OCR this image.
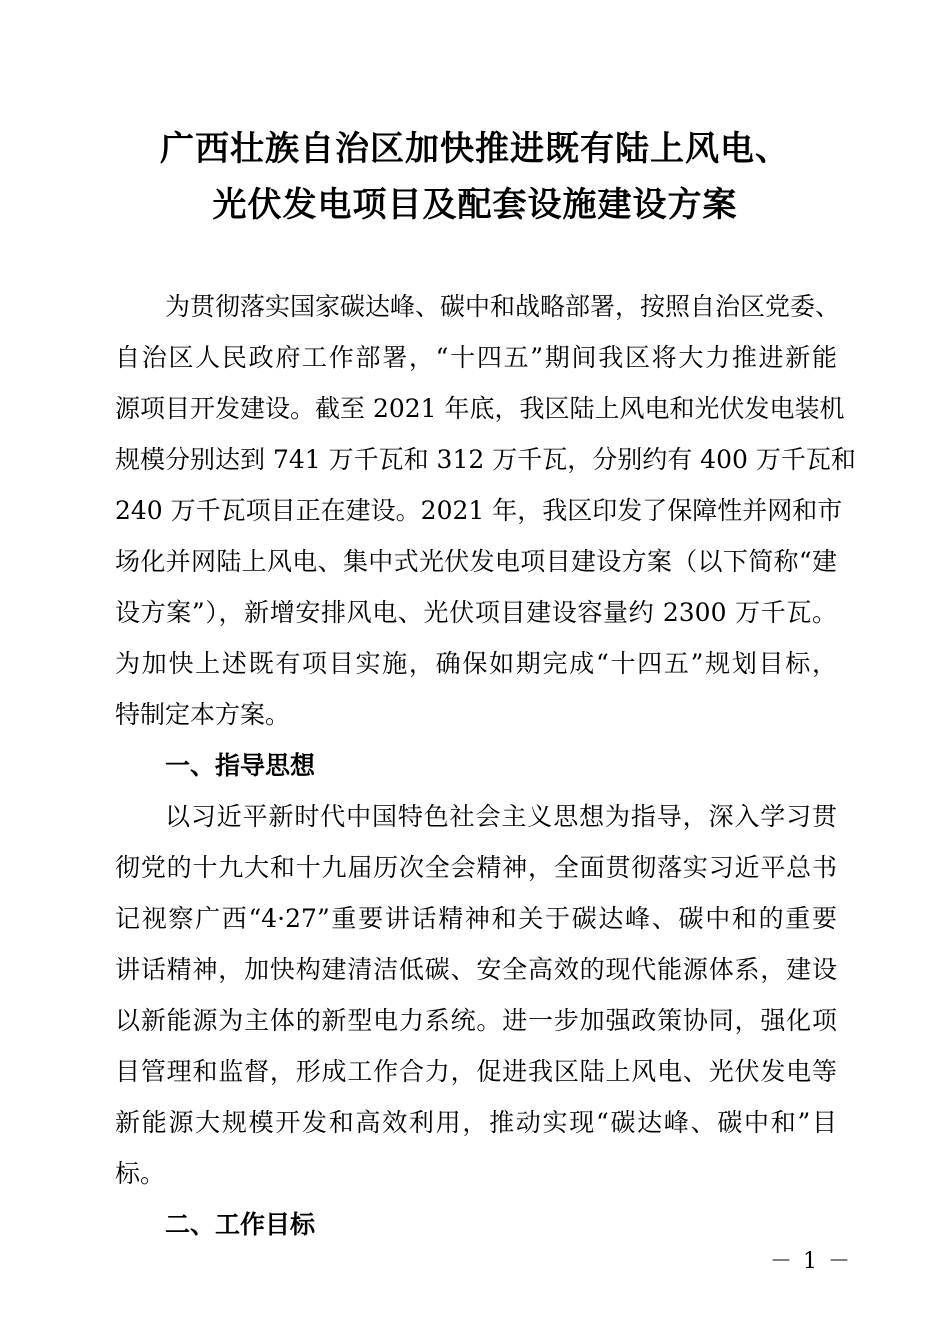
广西壮族自治区加快推进既有陆上风电、
光伏发电项目及配套设施建设方案

为贯彻落实国家碳达峰、碳中和战略部署，按照自治区党委、

自治区人民政府工作部署，“十四五”期间我区将大力推进新能

源项目开发建设。截至 2021 年底，我区陆上风电和光伏发电装机

规模分别达到 741 万千瓦和 312 万千瓦，分别约有 400 万千瓦和

240 万千瓦项目正在建设。2021 年，我区印发了保障性并网和市

场化并网陆上风电、集中式光伏发电项目建设方案（以下简称“建

设方案”），新增安排风电、光伏项目建设容量约 2300 万千瓦。

为加快上述既有项目实施，确保如期完成“十四五”规划目标，

特制定本方案。

一、指导思想

以习近平新时代中国特色社会主义思想为指导，深入学习贯

彻党的十九大和十九届历次全会精神，全面贯彻落实习近平总书

记视察广西“4·27”重要讲话精神和关于碳达峰、碳中和的重要

讲话精神，加快构建清洁低碳、安全高效的现代能源体系，建设

以新能源为主体的新型电力系统。进一步加强政策协同，强化项

目管理和监督，形成工作合力，促进我区陆上风电、光伏发电等

新能源大规模开发和高效利用，推动实现“碳达峰、碳中和”目

标。

二、工作目标
－ 1 －
